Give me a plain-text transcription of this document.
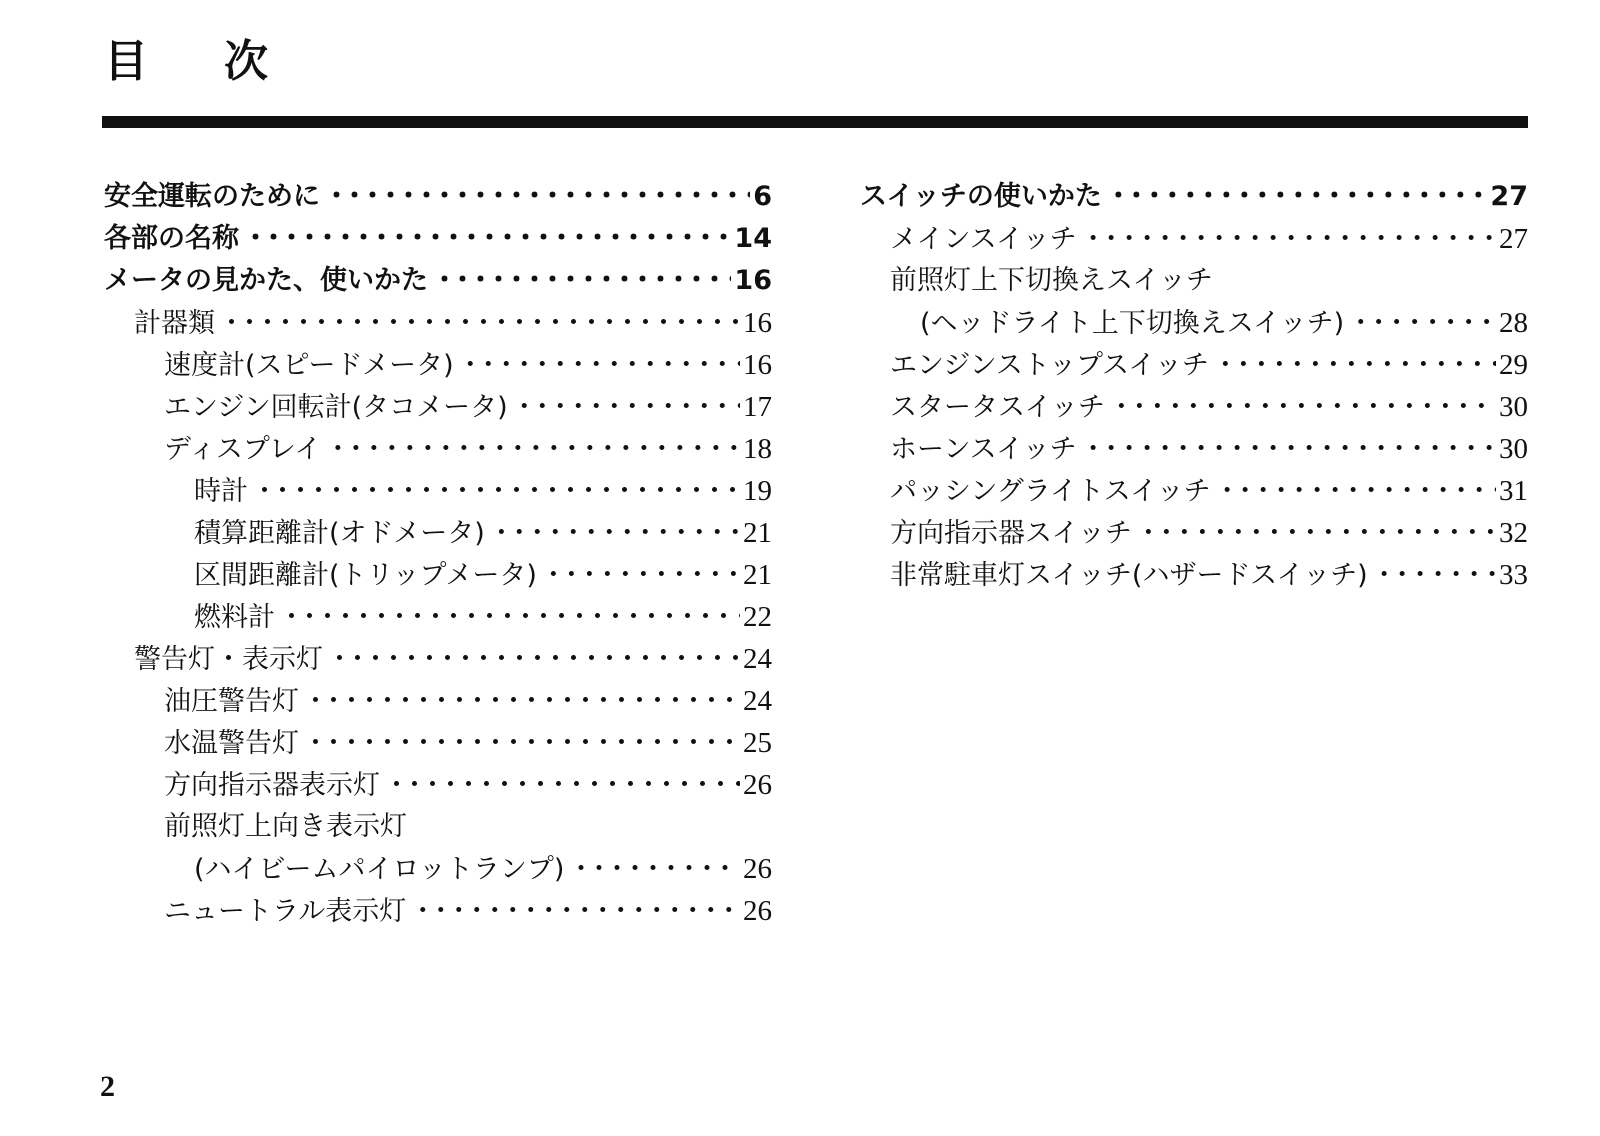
目次
安全運転のために ・・・・・・・・・・・・・・・・・・・・・・・・・・・・・・・・・・・・・・・・・・・・・・・・	6
各部の名称 ・・・・・・・・・・・・・・・・・・・・・・・・・・・・・・・・・・・・・・・・・・・・・・・・	14
メータの見かた、使いかた ・・・・・・・・・・・・・・・・・・・・・・・・・・・・・・・・・・・・・・・・・・・・・・・・	16
計器類 ・・・・・・・・・・・・・・・・・・・・・・・・・・・・・・・・・・・・・・・・・・・・・・・・	16
速度計(スピードメータ) ・・・・・・・・・・・・・・・・・・・・・・・・・・・・・・・・・・・・・・・・・・・・・・・・	16
エンジン回転計(タコメータ) ・・・・・・・・・・・・・・・・・・・・・・・・・・・・・・・・・・・・・・・・・・・・・・・・	17
ディスプレイ ・・・・・・・・・・・・・・・・・・・・・・・・・・・・・・・・・・・・・・・・・・・・・・・・	18
時計 ・・・・・・・・・・・・・・・・・・・・・・・・・・・・・・・・・・・・・・・・・・・・・・・・	19
積算距離計(オドメータ) ・・・・・・・・・・・・・・・・・・・・・・・・・・・・・・・・・・・・・・・・・・・・・・・・	21
区間距離計(トリップメータ) ・・・・・・・・・・・・・・・・・・・・・・・・・・・・・・・・・・・・・・・・・・・・・・・・	21
燃料計 ・・・・・・・・・・・・・・・・・・・・・・・・・・・・・・・・・・・・・・・・・・・・・・・・	22
警告灯・表示灯 ・・・・・・・・・・・・・・・・・・・・・・・・・・・・・・・・・・・・・・・・・・・・・・・・	24
油圧警告灯 ・・・・・・・・・・・・・・・・・・・・・・・・・・・・・・・・・・・・・・・・・・・・・・・・	24
水温警告灯 ・・・・・・・・・・・・・・・・・・・・・・・・・・・・・・・・・・・・・・・・・・・・・・・・	25
方向指示器表示灯 ・・・・・・・・・・・・・・・・・・・・・・・・・・・・・・・・・・・・・・・・・・・・・・・・	26
前照灯上向き表示灯
(ハイビームパイロットランプ) ・・・・・・・・・・・・・・・・・・・・・・・・・・・・・・・・・・・・・・・・・・・・・・・・	26
ニュートラル表示灯 ・・・・・・・・・・・・・・・・・・・・・・・・・・・・・・・・・・・・・・・・・・・・・・・・	26
スイッチの使いかた ・・・・・・・・・・・・・・・・・・・・・・・・・・・・・・・・・・・・・・・・・・・・・・・・	27
メインスイッチ ・・・・・・・・・・・・・・・・・・・・・・・・・・・・・・・・・・・・・・・・・・・・・・・・	27
前照灯上下切換えスイッチ
(ヘッドライト上下切換えスイッチ) ・・・・・・・・・・・・・・・・・・・・・・・・・・・・・・・・・・・・・・・・・・・・・・・・	28
エンジンストップスイッチ ・・・・・・・・・・・・・・・・・・・・・・・・・・・・・・・・・・・・・・・・・・・・・・・・	29
スタータスイッチ ・・・・・・・・・・・・・・・・・・・・・・・・・・・・・・・・・・・・・・・・・・・・・・・・	30
ホーンスイッチ ・・・・・・・・・・・・・・・・・・・・・・・・・・・・・・・・・・・・・・・・・・・・・・・・	30
パッシングライトスイッチ ・・・・・・・・・・・・・・・・・・・・・・・・・・・・・・・・・・・・・・・・・・・・・・・・	31
方向指示器スイッチ ・・・・・・・・・・・・・・・・・・・・・・・・・・・・・・・・・・・・・・・・・・・・・・・・	32
非常駐車灯スイッチ(ハザードスイッチ) ・・・・・・・・・・・・・・・・・・・・・・・・・・・・・・・・・・・・・・・・・・・・・・・・	33
2
